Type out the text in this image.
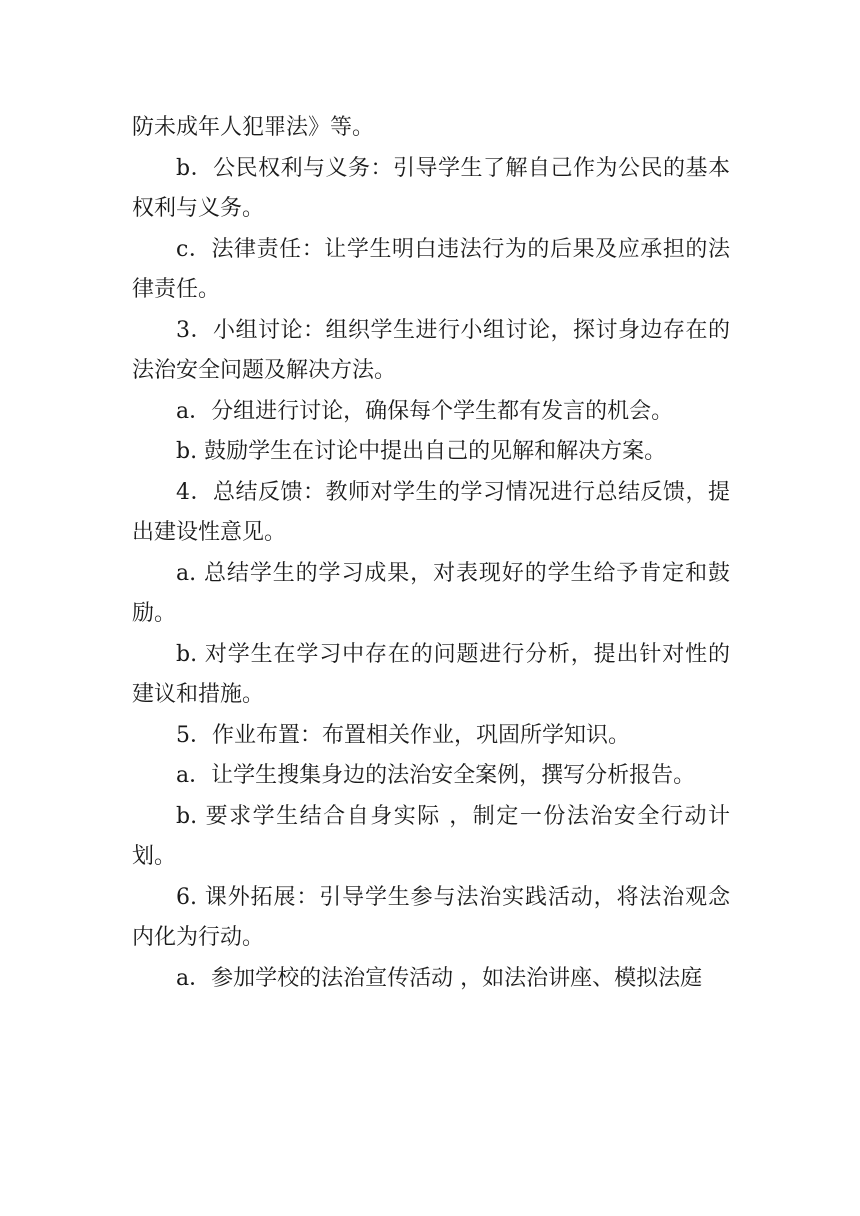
防未成年人犯罪法》等。

b．公民权利与义务：引导学生了解自己作为公民的基本权利与义务。

c．法律责任：让学生明白违法行为的后果及应承担的法律责任。

3．小组讨论：组织学生进行小组讨论，探讨身边存在的法治安全问题及解决方法。

a．分组进行讨论，确保每个学生都有发言的机会。

b. 鼓励学生在讨论中提出自己的见解和解决方案。

4．总结反馈：教师对学生的学习情况进行总结反馈，提出建设性意见。

a. 总结学生的学习成果，对表现好的学生给予肯定和鼓励。

b. 对学生在学习中存在的问题进行分析，提出针对性的建议和措施。

5．作业布置：布置相关作业，巩固所学知识。

a．让学生搜集身边的法治安全案例，撰写分析报告。

b. 要求学生结合自身实际 ，制定一份法治安全行动计划。

6. 课外拓展：引导学生参与法治实践活动，将法治观念内化为行动。

a．参加学校的法治宣传活动 ，如法治讲座、模拟法庭
